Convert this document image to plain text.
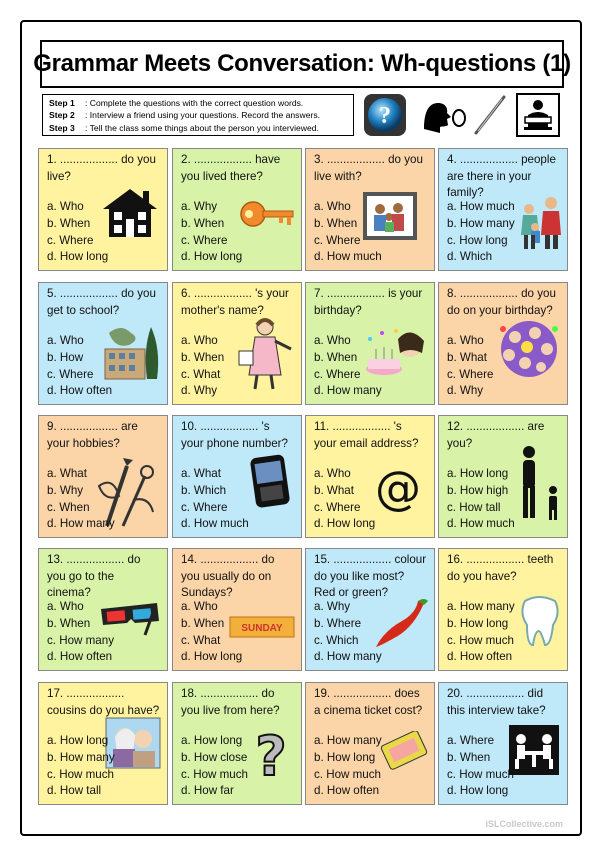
Grammar Meets Conversation: Wh-questions (1)
Step 1	: Complete the questions with the correct question words.
Step 2	: Interview a friend using your questions. Record the answers.
Step 3	: Tell the class some things about the person you interviewed.	?
1. .................. do you live?
a. Who
b. When
c. Where
d. How long
2. .................. have you lived there?
a. Why
b. When
c. Where
d. How long
3. .................. do you live with?
a. Who
b. When
c. Where
d. How much
4. .................. people are there in your family?
a. How much
b. How many
c. How long
d. Which
5. .................. do you get to school?
a. Who
b. How
c. Where
d. How often
6. .................. 's your mother's name?
a. Who
b. When
c. What
d. Why
7. .................. is your birthday?
a. Who
b. When
c. Where
d. How many
8. .................. do you do on your birthday?
a. Who
b. What
c. Where
d. Why
9. .................. are your hobbies?
a. What
b. Why
c. When
d. How many
10. .................. 's your phone number?
a. What
b. Which
c. Where
d. How much
11. .................. 's your email address?
a. Who
b. What
c. Where
d. How long
@
12. .................. are you?
a. How long
b. How high
c. How tall
d. How much
13. .................. do you go to the cinema?
a. Who
b. When
c. How many
d. How often
14. .................. do you usually do on Sundays?
a. Who
b. When
c. What
d. How long
SUNDAY
15. .................. colour do you like most? Red or green?
a. Why
b. Where
c. Which
d. How many
16. .................. teeth do you have?
a. How many
b. How long
c. How much
d. How often
17. .................. cousins do you have?
a. How long
b. How many
c. How much
d. How tall
18. .................. do you live from here?
a. How long
b. How close
c. How much
d. How far
?
19. .................. does a cinema ticket cost?
a. How many
b. How long
c. How much
d. How often
20. .................. did this interview take?
a. Where
b. When
c. How much
d. How long
iSLCollective.com
